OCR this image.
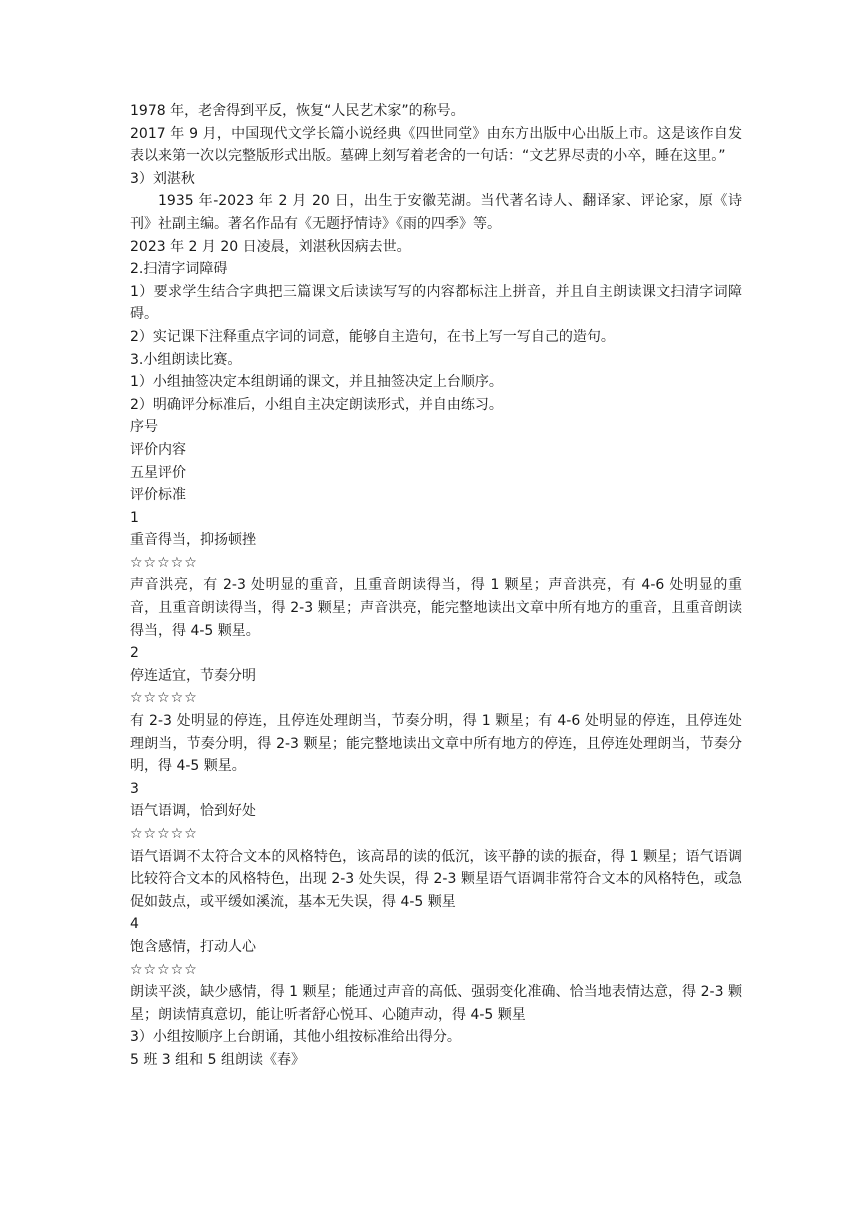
1978 年，老舍得到平反，恢复“人民艺术家”的称号。

2017 年 9 月，中国现代文学长篇小说经典《四世同堂》由东方出版中心出版上市。这是该作自发表以来第一次以完整版形式出版。墓碑上刻写着老舍的一句话：“文艺界尽责的小卒，睡在这里。”

3）刘湛秋

1935 年-2023 年 2 月 20 日，出生于安徽芜湖。当代著名诗人、翻译家、评论家，原《诗刊》社副主编。著名作品有《无题抒情诗》《雨的四季》等。

2023 年 2 月 20 日凌晨，刘湛秋因病去世。

2.扫清字词障碍

1）要求学生结合字典把三篇课文后读读写写的内容都标注上拼音，并且自主朗读课文扫清字词障碍。

2）实记课下注释重点字词的词意，能够自主造句，在书上写一写自己的造句。

3.小组朗读比赛。

1）小组抽签决定本组朗诵的课文，并且抽签决定上台顺序。

2）明确评分标准后，小组自主决定朗读形式，并自由练习。

序号

评价内容

五星评价

评价标准

1

重音得当，抑扬顿挫

☆☆☆☆☆

声音洪亮，有 2-3 处明显的重音，且重音朗读得当，得 1 颗星；声音洪亮，有 4-6 处明显的重音，且重音朗读得当，得 2-3 颗星；声音洪亮，能完整地读出文章中所有地方的重音，且重音朗读得当，得 4-5 颗星。

2

停连适宜，节奏分明

☆☆☆☆☆

有 2-3 处明显的停连，且停连处理朗当，节奏分明，得 1 颗星；有 4-6 处明显的停连，且停连处理朗当，节奏分明，得 2-3 颗星；能完整地读出文章中所有地方的停连，且停连处理朗当，节奏分明，得 4-5 颗星。

3

语气语调，恰到好处

☆☆☆☆☆

语气语调不太符合文本的风格特色，该高昂的读的低沉，该平静的读的振奋，得 1 颗星；语气语调比较符合文本的风格特色，出现 2-3 处失误，得 2-3 颗星语气语调非常符合文本的风格特色，或急促如鼓点，或平缓如溪流，基本无失误，得 4-5 颗星

4

饱含感情，打动人心

☆☆☆☆☆

朗读平淡，缺少感情，得 1 颗星；能通过声音的高低、强弱变化准确、恰当地表情达意，得 2-3 颗星；朗读情真意切，能让听者舒心悦耳、心随声动，得 4-5 颗星

3）小组按顺序上台朗诵，其他小组按标准给出得分。

5 班 3 组和 5 组朗读《春》
